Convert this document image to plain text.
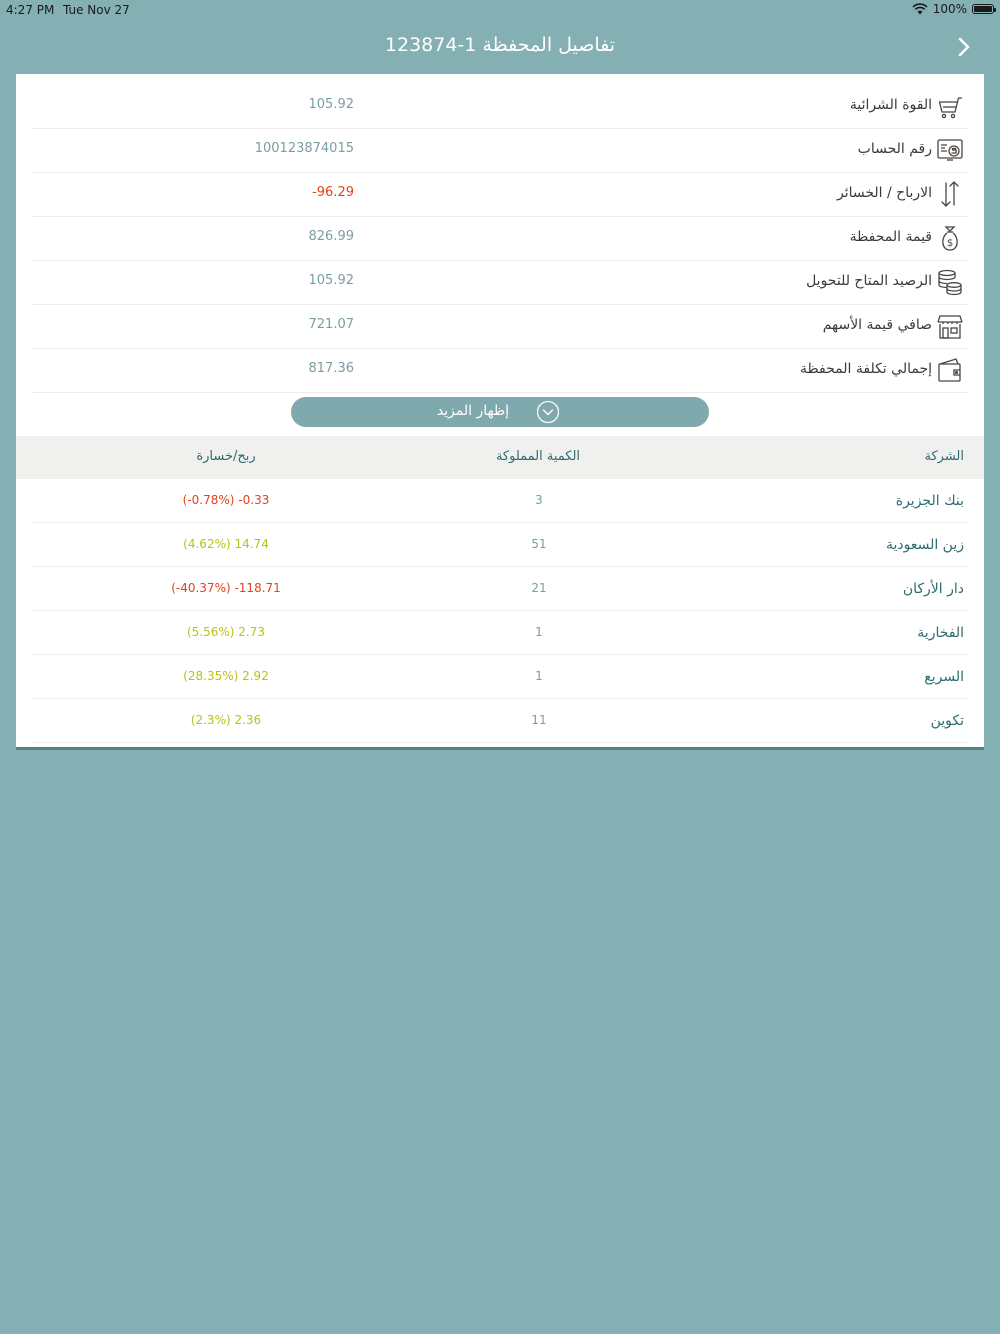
4:27 PM Tue Nov 27	100%
تفاصيل المحفظة 1-123874
القوة الشرائية
105.92
رقم الحساب
100123874015
الارباح / الخسائر
-96.29
$
قيمة المحفظة
826.99
الرصيد المتاح للتحويل
105.92
صافي قيمة الأسهم
721.07
إجمالي تكلفة المحفظة
817.36
إظهار المزيد
الشركة
الكمية المملوكة
ربح/خسارة
بنك الجزيرة
3
(-0.78%) -0.33
زين السعودية
51
(4.62%) 14.74
دار الأركان
21
(-40.37%) -118.71
الفخارية
1
(5.56%) 2.73
السريع
1
(28.35%) 2.92
تكوين
11
(2.3%) 2.36
